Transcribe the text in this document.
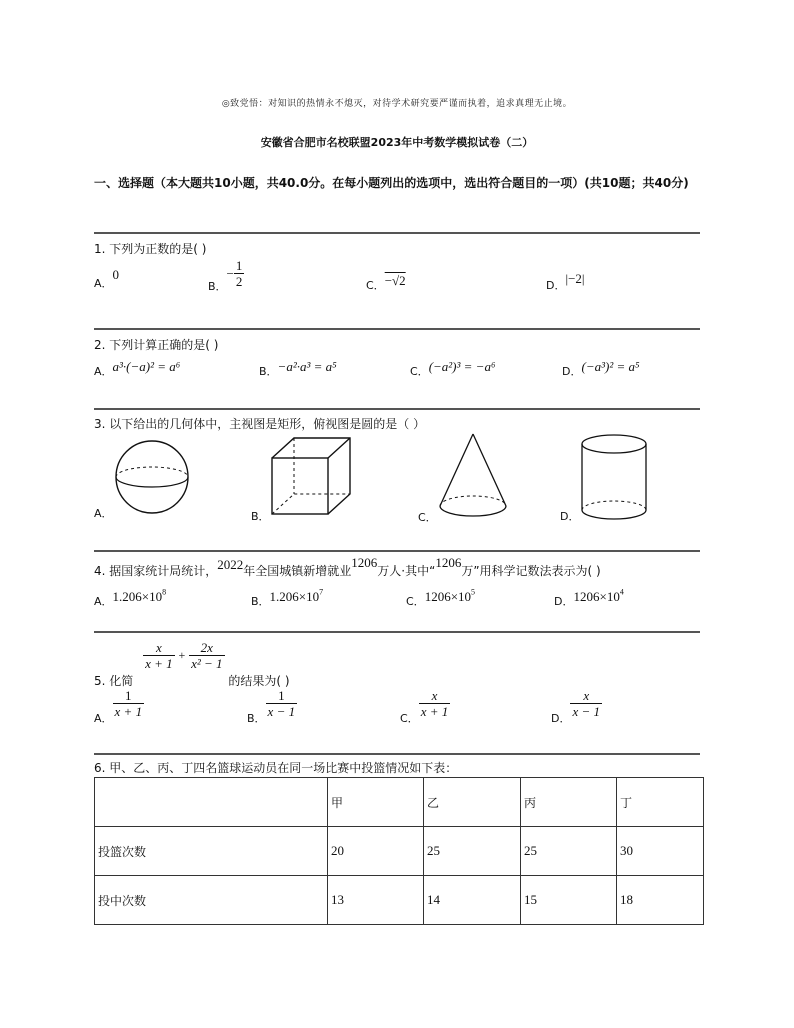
◎致党悟：对知识的热情永不熄灭，对待学术研究要严谨而执着，追求真理无止境。
安徽省合肥市名校联盟2023年中考数学模拟试卷（二）
一、选择题（本大题共10小题，共40.0分。在每小题列出的选项中，选出符合题目的一项）(共10题；共40分)
1. 下列为正数的是( )
A．$^0$
$_{B.}- \frac{1}{2}$	C．$^{-√2}$	D．$^{|-2|}$
2. 下列计算正确的是( )
A．$^{a^3\cdot(-a)^2 = a^6}$	B．$^{-a^2\cdot a^3 = a^5}$	C．$^{(-a^2)^3 = -a^6}$	D．$^{(-a^3)^2 = a^5}$
3. 以下给出的几何体中，主视图是矩形，俯视图是圆的是（ ）
A．	B．	C．	D．
4. 据国家统计局统计，2022年全国城镇新增就业1206万人·其中“1206万”用科学记数法表示为( )
$_{A.}1.206\times 10^8$
$_{B.}1.206\times 10^7$
$_{C.}1206\times 10^5$
$_{D.}1206\times 10^4$
5. 化简
$\frac{x}{x + 1} + \frac{2x}{\text{x² − 1}}$
的结果为( )
$_{A.} \frac{1}{x + 1}$	$_{B.} \frac{1}{x - 1}$	$_{C.} \frac{x}{x + 1}$	$_{D.} \frac{x}{x - 1}$
6. 甲、乙、丙、丁四名篮球运动员在同一场比赛中投篮情况如下表：
	甲	乙	丙	丁
投篮次数	20	25	25	30
投中次数	13	14	15	18
